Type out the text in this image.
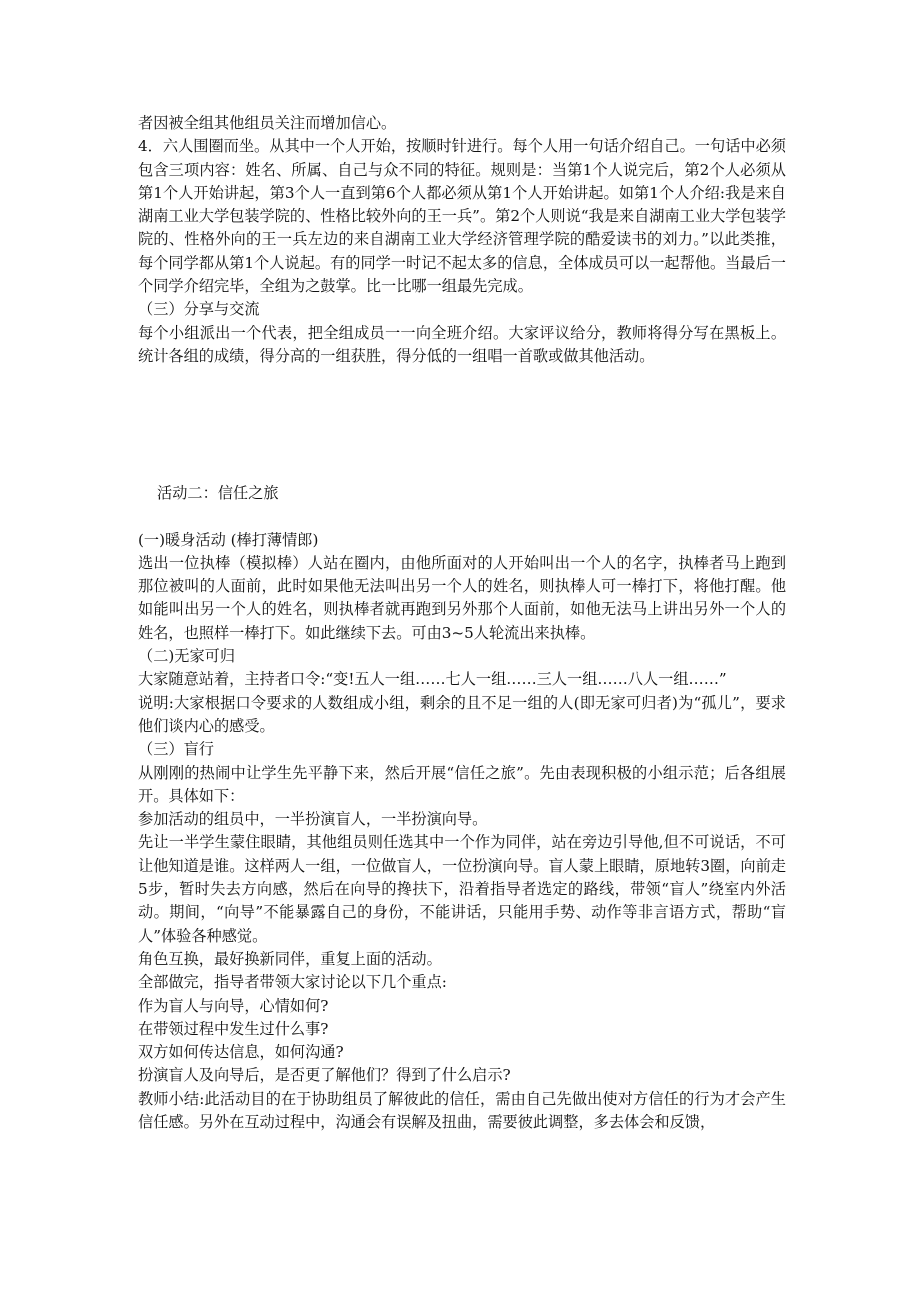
者因被全组其他组员关注而增加信心。

4．六人围圈而坐。从其中一个人开始，按顺时针进行。每个人用一句话介绍自己。一句话中必须包含三项内容：姓名、所属、自己与众不同的特征。规则是：当第1个人说完后，第2个人必须从第1个人开始讲起，第3个人一直到第6个人都必须从第1个人开始讲起。如第1个人介绍:我是来自湖南工业大学包装学院的、性格比较外向的王一兵”。第2个人则说“我是来自湖南工业大学包装学院的、性格外向的王一兵左边的来自湖南工业大学经济管理学院的酷爱读书的刘力。”以此类推，每个同学都从第1个人说起。有的同学一时记不起太多的信息，全体成员可以一起帮他。当最后一个同学介绍完毕，全组为之鼓掌。比一比哪一组最先完成。

（三）分享与交流

每个小组派出一个代表，把全组成员一一向全班介绍。大家评议给分，教师将得分写在黑板上。统计各组的成绩，得分高的一组获胜，得分低的一组唱一首歌或做其他活动。

活动二：信任之旅

(一)暖身活动 (棒打薄情郎)

选出一位执棒（模拟棒）人站在圈内，由他所面对的人开始叫出一个人的名字，执棒者马上跑到那位被叫的人面前，此时如果他无法叫出另一个人的姓名，则执棒人可一棒打下，将他打醒。他如能叫出另一个人的姓名，则执棒者就再跑到另外那个人面前，如他无法马上讲出另外一个人的姓名，也照样一棒打下。如此继续下去。可由3~5人轮流出来执棒。

（二)无家可归

大家随意站着，主持者口令:“变!五人一组……七人一组……三人一组……八人一组……”

说明:大家根据口令要求的人数组成小组，剩余的且不足一组的人(即无家可归者)为“孤儿”，要求他们谈内心的感受。

（三）盲行

从刚刚的热闹中让学生先平静下来，然后开展“信任之旅”。先由表现积极的小组示范；后各组展开。具体如下：

参加活动的组员中，一半扮演盲人，一半扮演向导。

先让一半学生蒙住眼睛，其他组员则任选其中一个作为同伴，站在旁边引导他,但不可说话，不可让他知道是谁。这样两人一组，一位做盲人，一位扮演向导。盲人蒙上眼睛，原地转3圈，向前走5步，暂时失去方向感，然后在向导的搀扶下，沿着指导者选定的路线，带领“盲人”绕室内外活动。期间，“向导”不能暴露自己的身份，不能讲话，只能用手势、动作等非言语方式，帮助“盲人”体验各种感觉。

角色互换，最好换新同伴，重复上面的活动。

全部做完，指导者带领大家讨论以下几个重点:

作为盲人与向导，心情如何?

在带领过程中发生过什么事?

双方如何传达信息，如何沟通?

扮演盲人及向导后，是否更了解他们？得到了什么启示?

教师小结:此活动目的在于协助组员了解彼此的信任，需由自己先做出使对方信任的行为才会产生信任感。另外在互动过程中，沟通会有误解及扭曲，需要彼此调整，多去体会和反馈，
